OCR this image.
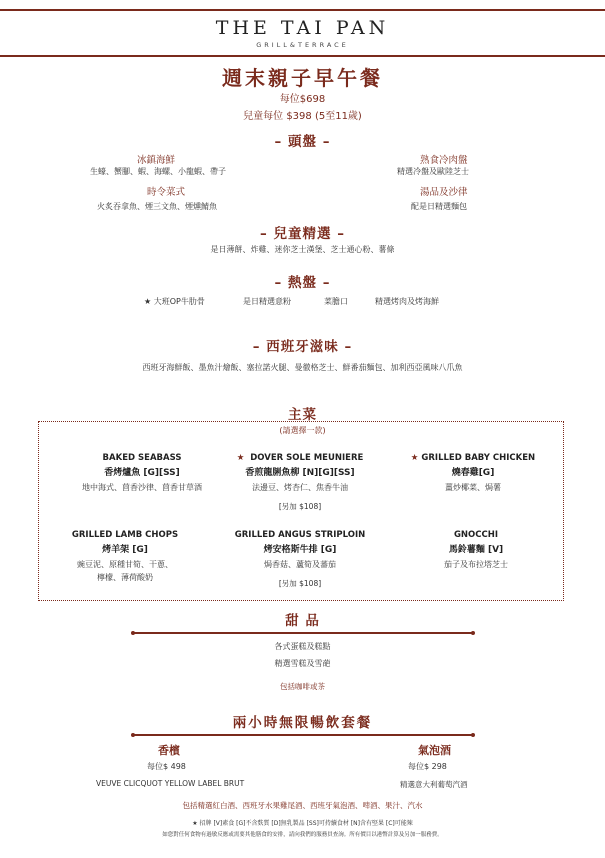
THE TAI PAN
GRILL&TERRACE
週末親子早午餐
每位$698
兒童每位 $398 (5至11歲)
– 頭盤 –
冰鎮海鮮
生蠔、蟹腳、蝦、海螺、小龍蝦、帶子
時令菜式
火炙吞拿魚、煙三文魚、煙燻鯖魚
熟食冷肉盤
精選冷盤及歐陸芝士
湯品及沙律
配是日精選麵包
– 兒童精選 –
是日薄餅、炸雞、迷你芝士漢堡、芝士通心粉、薯條
– 熱盤 –
★ 大班OP牛肋骨	是日精選意粉	菜膽口	精選烤肉及烤海鮮
– 西班牙滋味 –
西班牙海鮮飯、墨魚汁燴飯、塞拉諾火腿、曼徹格芝士、鮮番茄麵包、加利西亞風味八爪魚
主菜
(請選擇一款)
BAKED SEABASS
香烤爐魚 [G][SS]
地中海式、茴香沙律、茴香甘草酒
★ DOVER SOLE MEUNIERE
香煎龍脷魚柳 [N][G][SS]
法邊豆、烤杏仁、焦香牛油
[另加 $108]
★ GRILLED BABY CHICKEN
燒春雞[G]
薑炒椰菜、焗薯
GRILLED LAMB CHOPS
烤羊架 [G]
豌豆泥、原種甘筍、干蔥、
檸檬、薄荷酸奶
GRILLED ANGUS STRIPLOIN
烤安格斯牛排 [G]
焗香菇、蘆筍及蕃茄
[另加 $108]
GNOCCHI
馬鈴薯麵 [V]
茄子及布拉塔芝士
甜 品
各式蛋糕及糕點
精選雪糕及雪葩
包括咖啡或茶
兩小時無限暢飲套餐
香檳
每位$ 498
VEUVE CLICQUOT YELLOW LABEL BRUT
氣泡酒
每位$ 298
精選意大利葡萄汽酒
包括精選紅白酒、西班牙水果雞尾酒、西班牙氣泡酒、啤酒、果汁、汽水
★ 招牌 [V]素食 [G]不含麩質 [D]無乳製品 [SS]可持續食材 [N]含有堅果 [C]可能辣
如您對任何食物有過敏反應或需要其他膳食的安排，請向我們的服務員查詢。所有價目以港幣計算及另加一服務費。
